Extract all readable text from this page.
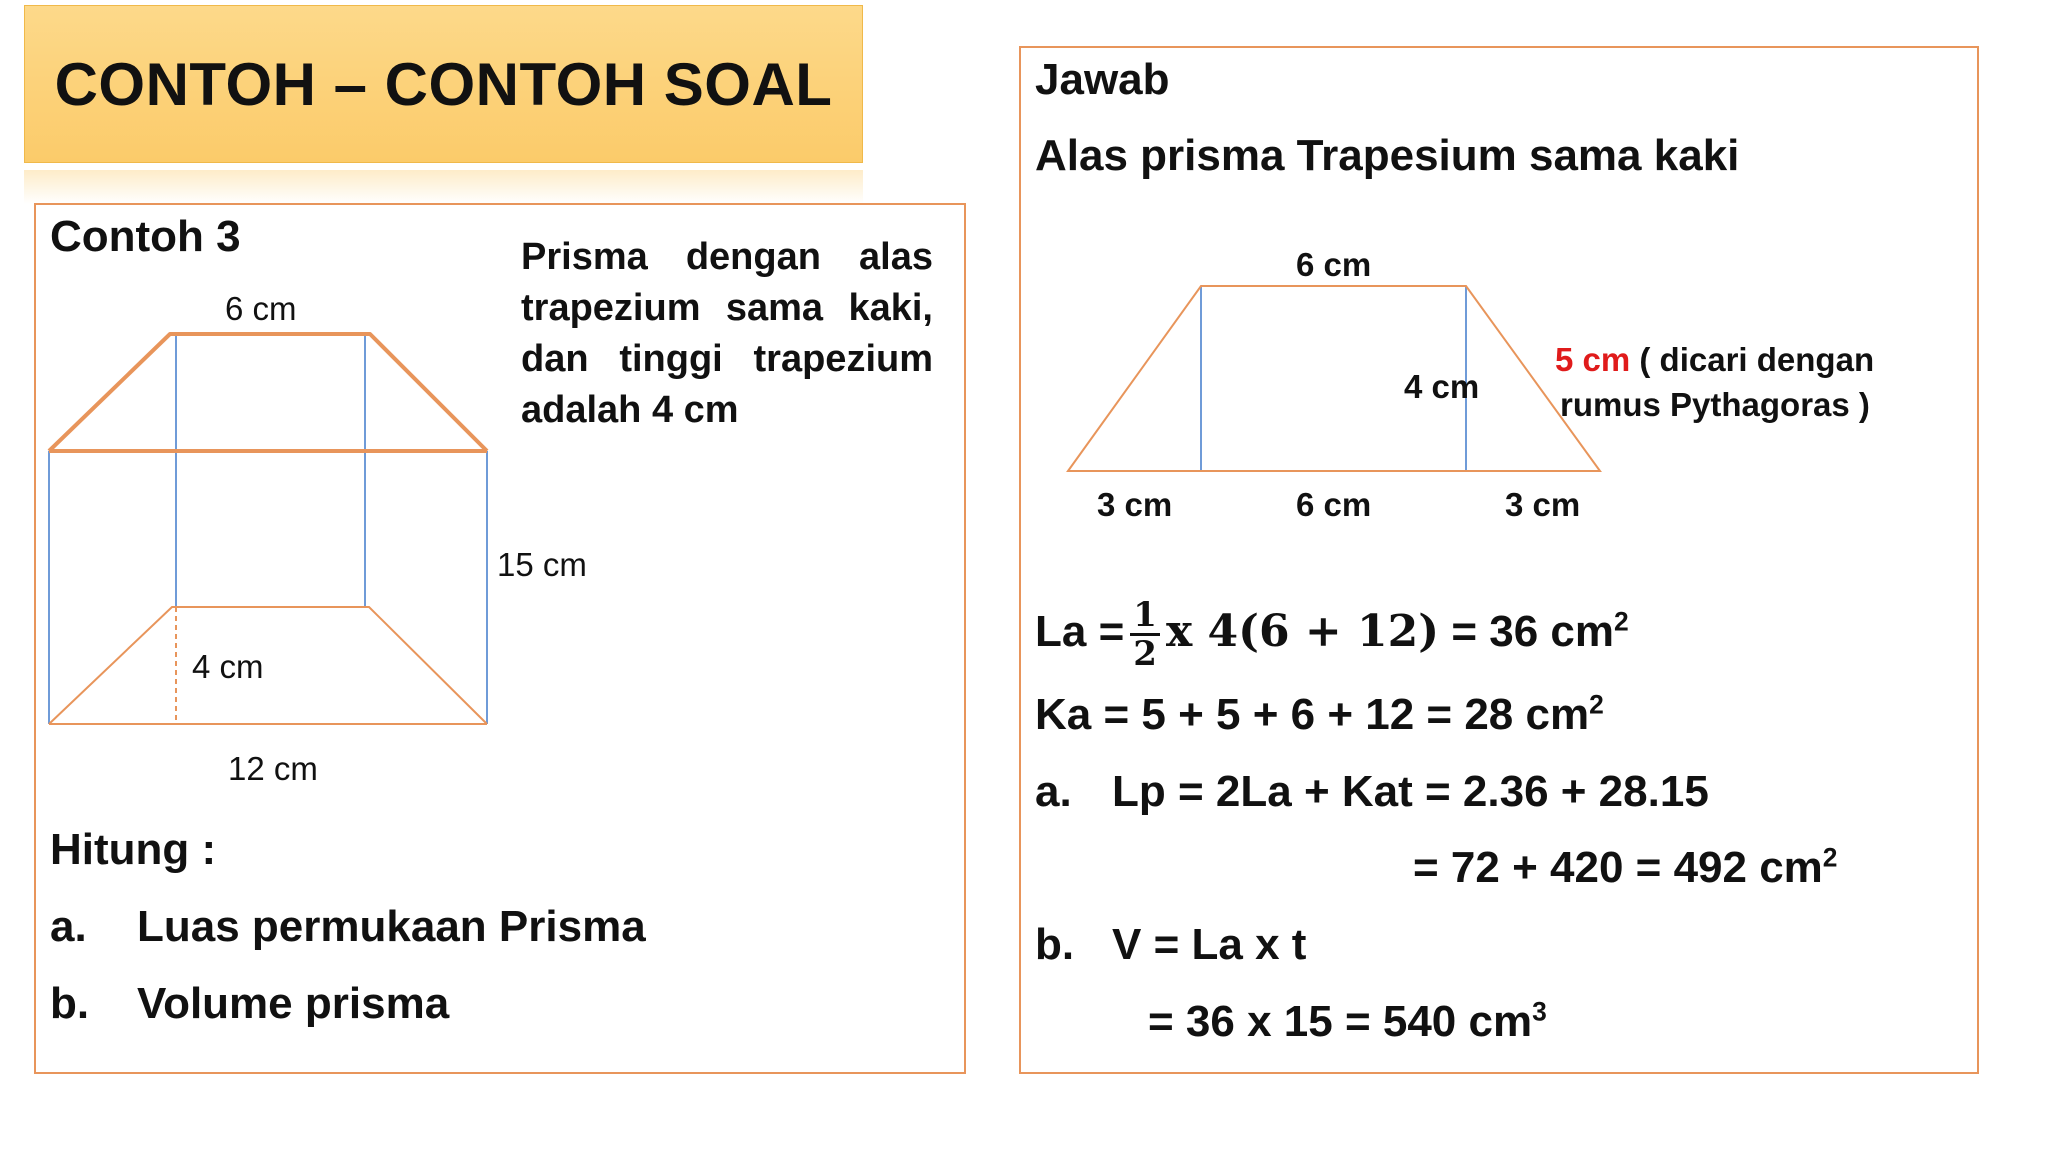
CONTOH – CONTOH SOAL
Contoh 3	Prisma dengan alas
trapezium sama kaki,
dan tinggi trapezium
adalah 4 cm
6 cm
15 cm
4 cm
12 cm
Hitung :
a. Luas permukaan Prisma
b. Volume prisma
Jawab
Alas prisma Trapesium sama kaki
6 cm
4 cm
5 cm ( dicari dengan
rumus Pythagoras )
3 cm	6 cm	3 cm
$La = \frac{1}{2}$ x 4(6 + 12) = 36 $cm^2$
Ka = 5 + 5 + 6 + 12 = 28 $cm^2$
a. Lp = 2La + Kat = 2.36 + 28.15
= 72 + 420 = 492 $cm^2$
b. V = La x t
= 36 x 15 = 540 $cm^3$
